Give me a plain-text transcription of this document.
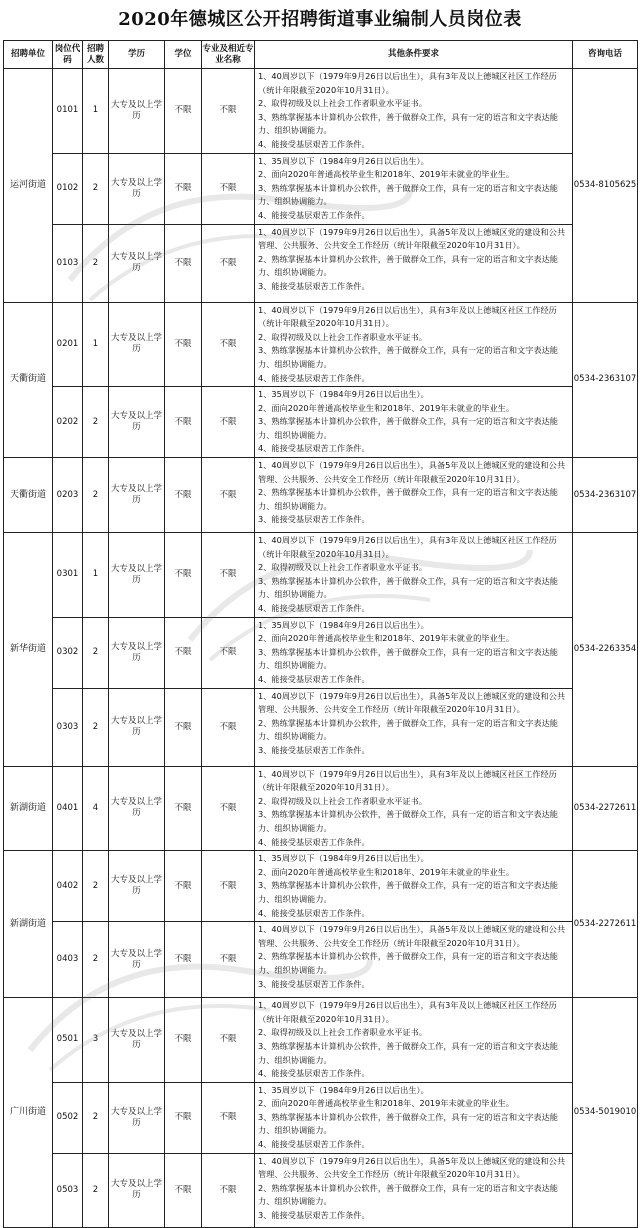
2020年德城区公开招聘街道事业编制人员岗位表
招聘单位	岗位代码	招聘人数	学历	学位	专业及相近专业名称	其他条件要求	咨询电话
运河街道	0101	1	大专及以上学历	不限	不限	1、40周岁以下（1979年9月26日以后出生），具有3年及以上德城区社区工作经历（统计年限截至2020年10月31日）。
2、取得初级及以上社会工作者职业水平证书。
3、熟练掌握基本计算机办公软件，善于做群众工作，具有一定的语言和文字表达能力、组织协调能力。
4、能接受基层艰苦工作条件。	0534-8105625
	0102	2	大专及以上学历	不限	不限	1、35周岁以下（1984年9月26日以后出生）。
2、面向2020年普通高校毕业生和2018年、2019年未就业的毕业生。
3、熟练掌握基本计算机办公软件，善于做群众工作，具有一定的语言和文字表达能力、组织协调能力。
4、能接受基层艰苦工作条件。	
	0103	2	大专及以上学历	不限	不限	1、40周岁以下（1979年9月26日以后出生），具备5年及以上德城区党的建设和公共管理、公共服务、公共安全工作经历（统计年限截至2020年10月31日）。
2、熟练掌握基本计算机办公软件，善于做群众工作，具有一定的语言和文字表达能力、组织协调能力。
3、能接受基层艰苦工作条件。	
天衢街道	0201	1	大专及以上学历	不限	不限	1、40周岁以下（1979年9月26日以后出生），具有3年及以上德城区社区工作经历（统计年限截至2020年10月31日）。
2、取得初级及以上社会工作者职业水平证书。
3、熟练掌握基本计算机办公软件，善于做群众工作，具有一定的语言和文字表达能力、组织协调能力。
4、能接受基层艰苦工作条件。	0534-2363107
	0202	2	大专及以上学历	不限	不限	1、35周岁以下（1984年9月26日以后出生）。
2、面向2020年普通高校毕业生和2018年、2019年未就业的毕业生。
3、熟练掌握基本计算机办公软件，善于做群众工作，具有一定的语言和文字表达能力、组织协调能力。
4、能接受基层艰苦工作条件。	
天衢街道	0203	2	大专及以上学历	不限	不限	1、40周岁以下（1979年9月26日以后出生），具备5年及以上德城区党的建设和公共管理、公共服务、公共安全工作经历（统计年限截至2020年10月31日）。
2、熟练掌握基本计算机办公软件，善于做群众工作，具有一定的语言和文字表达能力、组织协调能力。
3、能接受基层艰苦工作条件。	0534-2363107
新华街道	0301	1	大专及以上学历	不限	不限	1、40周岁以下（1979年9月26日以后出生），具有3年及以上德城区社区工作经历（统计年限截至2020年10月31日）。
2、取得初级及以上社会工作者职业水平证书。
3、熟练掌握基本计算机办公软件，善于做群众工作，具有一定的语言和文字表达能力、组织协调能力。
4、能接受基层艰苦工作条件。	0534-2263354
	0302	2	大专及以上学历	不限	不限	1、35周岁以下（1984年9月26日以后出生）。
2、面向2020年普通高校毕业生和2018年、2019年未就业的毕业生。
3、熟练掌握基本计算机办公软件，善于做群众工作，具有一定的语言和文字表达能力、组织协调能力。
4、能接受基层艰苦工作条件。	
	0303	2	大专及以上学历	不限	不限	1、40周岁以下（1979年9月26日以后出生），具备5年及以上德城区党的建设和公共管理、公共服务、公共安全工作经历（统计年限截至2020年10月31日）。
2、熟练掌握基本计算机办公软件，善于做群众工作，具有一定的语言和文字表达能力、组织协调能力。
3、能接受基层艰苦工作条件。	
新湖街道	0401	4	大专及以上学历	不限	不限	1、40周岁以下（1979年9月26日以后出生），具有3年及以上德城区社区工作经历（统计年限截至2020年10月31日）。
2、取得初级及以上社会工作者职业水平证书。
3、熟练掌握基本计算机办公软件，善于做群众工作，具有一定的语言和文字表达能力、组织协调能力。
4、能接受基层艰苦工作条件。	0534-2272611
新湖街道	0402	2	大专及以上学历	不限	不限	1、35周岁以下（1984年9月26日以后出生）。
2、面向2020年普通高校毕业生和2018年、2019年未就业的毕业生。
3、熟练掌握基本计算机办公软件，善于做群众工作，具有一定的语言和文字表达能力、组织协调能力。
4、能接受基层艰苦工作条件。	0534-2272611
	0403	2	大专及以上学历	不限	不限	1、40周岁以下（1979年9月26日以后出生），具备5年及以上德城区党的建设和公共管理、公共服务、公共安全工作经历（统计年限截至2020年10月31日）。
2、熟练掌握基本计算机办公软件，善于做群众工作，具有一定的语言和文字表达能力、组织协调能力。
3、能接受基层艰苦工作条件。	
广川街道	0501	3	大专及以上学历	不限	不限	1、40周岁以下（1979年9月26日以后出生），具有3年及以上德城区社区工作经历（统计年限截至2020年10月31日）。
2、取得初级及以上社会工作者职业水平证书。
3、熟练掌握基本计算机办公软件，善于做群众工作，具有一定的语言和文字表达能力、组织协调能力。
4、能接受基层艰苦工作条件。	0534-5019010
	0502	2	大专及以上学历	不限	不限	1、35周岁以下（1984年9月26日以后出生）。
2、面向2020年普通高校毕业生和2018年、2019年未就业的毕业生。
3、熟练掌握基本计算机办公软件，善于做群众工作，具有一定的语言和文字表达能力、组织协调能力。
4、能接受基层艰苦工作条件。	
	0503	2	大专及以上学历	不限	不限	1、40周岁以下（1979年9月26日以后出生），具备5年及以上德城区党的建设和公共管理、公共服务、公共安全工作经历（统计年限截至2020年10月31日）。
2、熟练掌握基本计算机办公软件，善于做群众工作，具有一定的语言和文字表达能力、组织协调能力。
3、能接受基层艰苦工作条件。	
